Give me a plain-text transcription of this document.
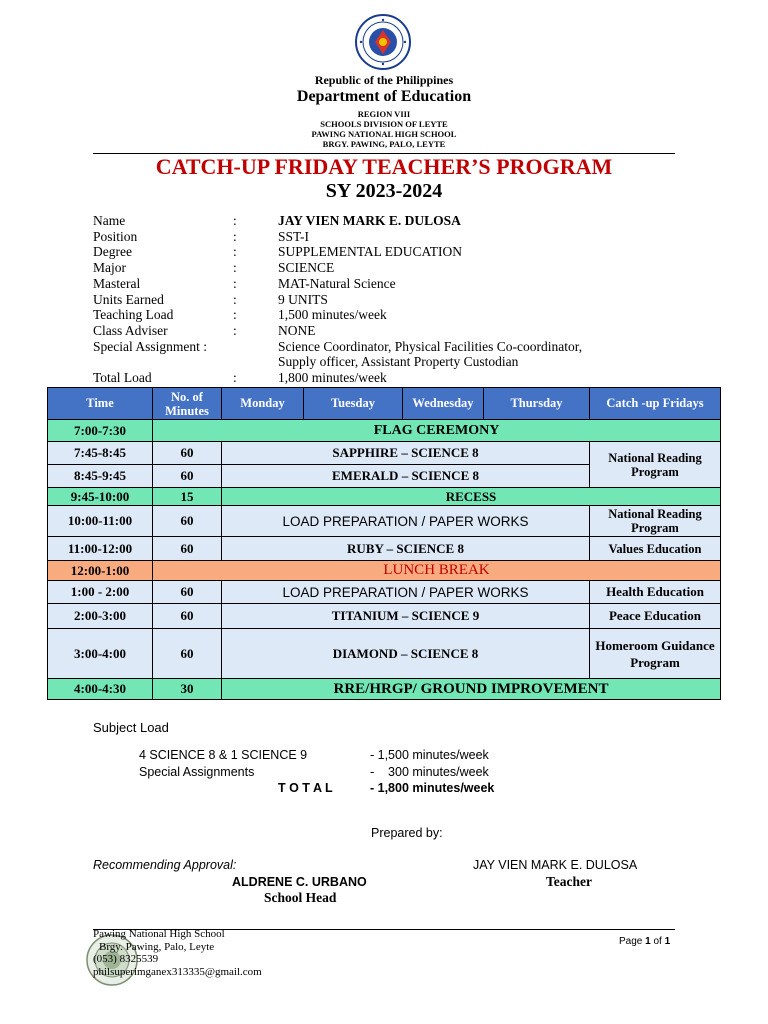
Republic of the Philippines
Department of Education
REGION VIII
SCHOOLS DIVISION OF LEYTE
PAWING NATIONAL HIGH SCHOOL
BRGY. PAWING, PALO, LEYTE
CATCH-UP FRIDAY TEACHER’S PROGRAM
SY 2023-2024
Name	:	JAY VIEN MARK E. DULOSA
Position	:	SST-I
Degree	:	SUPPLEMENTAL EDUCATION
Major	:	SCIENCE
Masteral	:	MAT-Natural Science
Units Earned	:	9 UNITS
Teaching Load	:	1,500 minutes/week
Class Adviser	:	NONE
Special Assignment :	Science Coordinator, Physical Facilities Co-coordinator,
Supply officer, Assistant Property Custodian
Total Load	:	1,800 minutes/week
Time	No. of Minutes	Monday	Tuesday	Wednesday	Thursday	Catch -up Fridays
7:00-7:30	FLAG CEREMONY					
7:45-8:45	60	SAPPHIRE – SCIENCE 8				National Reading Program
8:45-9:45	60	EMERALD – SCIENCE 8				
9:45-10:00	15	RECESS				
10:00-11:00	60	LOAD PREPARATION / PAPER WORKS				National Reading Program
11:00-12:00	60	RUBY – SCIENCE 8				Values Education
12:00-1:00	LUNCH BREAK					
1:00 - 2:00	60	LOAD PREPARATION / PAPER WORKS				Health Education
2:00-3:00	60	TITANIUM – SCIENCE 9				Peace Education
3:00-4:00	60	DIAMOND – SCIENCE 8				Homeroom Guidance Program
4:00-4:30	30	RRE/HRGP/ GROUND IMPROVEMENT				
Subject Load
4 SCIENCE 8 & 1 SCIENCE 9	- 1,500 minutes/week
Special Assignments	-    300 minutes/week
T O T A L	- 1,800 minutes/week
Prepared by:
Recommending Approval:	JAY VIEN MARK E. DULOSA
Teacher
ALDRENE C. URBANO
School Head
Pawing National High School
Brgy. Pawing, Palo, Leyte
(053) 8325539
philsuperimganex313335@gmail.com
Page 1 of 1
